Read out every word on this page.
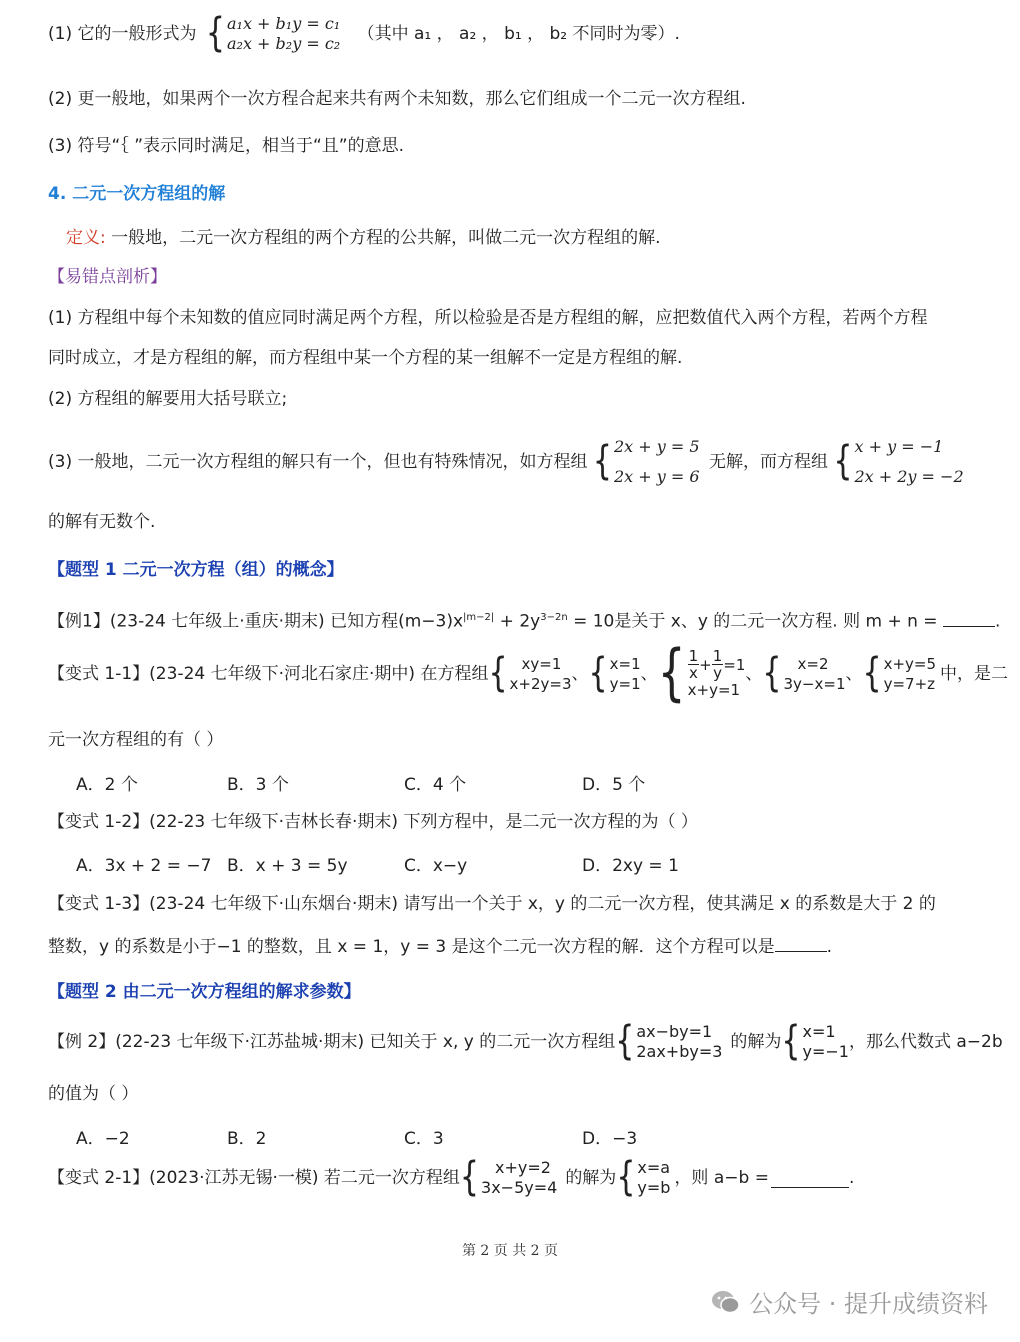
(1) 它的一般形式为 { a₁x + b₁y = c₁
a₂x + b₂y = c₂ （其中 a₁ ， a₂ ， b₁ ， b₂ 不同时为零）.
(2) 更一般地，如果两个一次方程合起来共有两个未知数，那么它们组成一个二元一次方程组.
(3) 符号“｛ ”表示同时满足，相当于“且”的意思.
4. 二元一次方程组的解
定义: 一般地，二元一次方程组的两个方程的公共解，叫做二元一次方程组的解.
【易错点剖析】
(1) 方程组中每个未知数的值应同时满足两个方程，所以检验是否是方程组的解，应把数值代入两个方程，若两个方程
同时成立，才是方程组的解，而方程组中某一个方程的某一组解不一定是方程组的解.
(2) 方程组的解要用大括号联立;
(3) 一般地，二元一次方程组的解只有一个，但也有特殊情况，如方程组 { 2x + y = 5
2x + y = 6
无解，而方程组 { x + y = −1
2x + 2y = −2
的解有无数个.
【题型 1 二元一次方程（组）的概念】
【例1】(23-24 七年级上·重庆·期末) 已知方程$(m-3)x^{|m-2|} + 2y^{3-2n} = 10$是关于 x、y 的二元一次方程. 则 m + n =	.
【变式 1-1】(23-24 七年级下·河北石家庄·期中) 在方程组 { xy=1
x+2y=3 、 { x=1
y=1 、 { $\frac{1}{x} + \frac{1}{y} =1$
x+y=1
、 {	x=2
3y−x=1 、 { x+y=5
y=7+z 中，是二
元一次方程组的有（ ）
A．2 个	B．3 个	C．4 个	D．5 个
【变式 1-2】(22-23 七年级下·吉林长春·期末) 下列方程中，是二元一次方程的为（ ）
A．3x + 2 = −7 B．x + 3 = 5y	C．x−y	D．2xy = 1
【变式 1-3】(23-24 七年级下·山东烟台·期末) 请写出一个关于 x，y 的二元一次方程，使其满足 x 的系数是大于 2 的
整数，y 的系数是小于−1 的整数，且 x = 1，y = 3 是这个二元一次方程的解．这个方程可以是	.
【题型 2 由二元一次方程组的解求参数】
【例 2】(22-23 七年级下·江苏盐城·期末) 已知关于 x, y 的二元一次方程组 { ax−by=1
2ax+by=3 的解为 { x=1
y=−1 ，那么代数式 a−2b
的值为（ ）
A．−2	B．2	C．3	D．−3
【变式 2-1】(2023·江苏无锡·一模) 若二元一次方程组 {	x+y=2
3x−5y=4 的解为 { x=a
y=b ，则 a−b =	.
第 2 页 共 2 页
公众号 · 提升成绩资料
